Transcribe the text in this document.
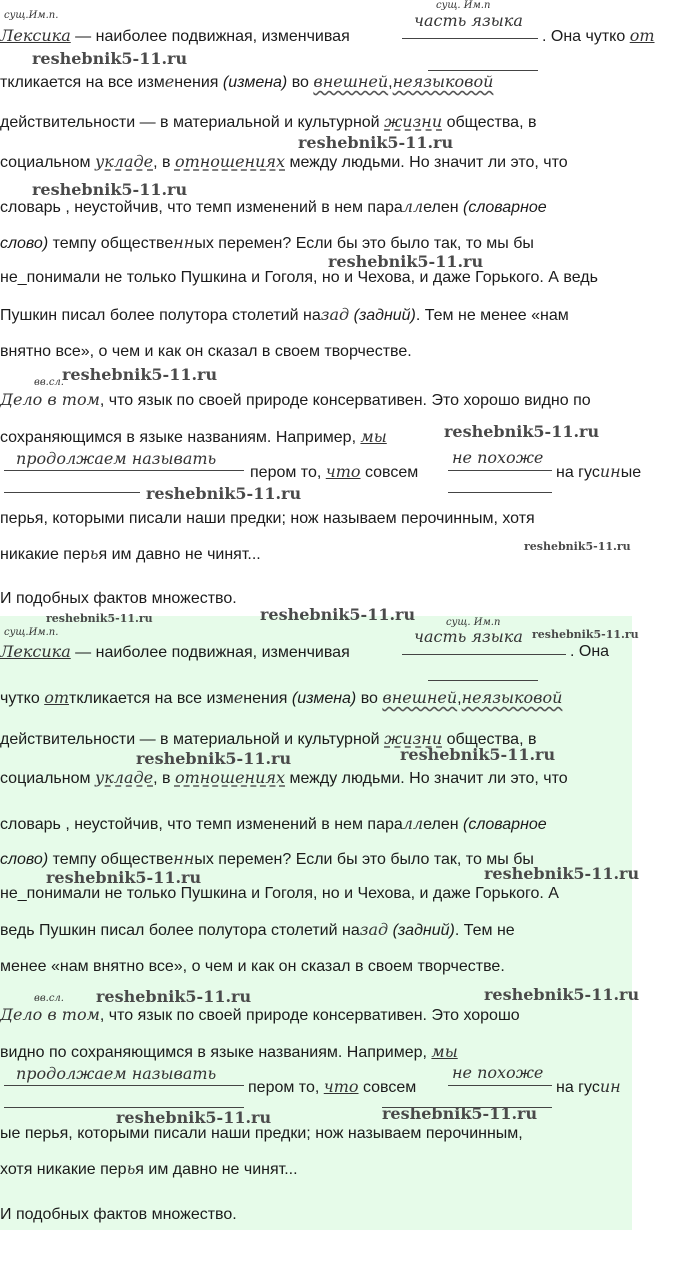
сущ.Им.п.
сущ. Им.п
Лексика — наиболее подвижная, изменчивая
часть языка
. Она чутко от
reshebnik5-11.ru
ткликается на все изменения (измена) во внешней,неязыковой
действительности — в материальной и культурной жизни общества, в
reshebnik5-11.ru
социальном укладе, в отношениях между людьми. Но значит ли это, что
reshebnik5-11.ru
словарь , неустойчив, что темп изменений в нем параллелен (словарное
слово) темпу общественных перемен? Если бы это было так, то мы бы
reshebnik5-11.ru
не_понимали не только Пушкина и Гоголя, но и Чехова, и даже Горького. А ведь
Пушкин писал более полутора столетий назад (задний). Тем не менее «нам
внятно все», о чем и как он сказал в своем творчестве.
вв.сл.
reshebnik5-11.ru
Дело в том, что язык по своей природе консервативен. Это хорошо видно по
сохраняющимся в языке названиям. Например, мы	reshebnik5-11.ru
продолжаем называть
пером то, что совсем
не похоже
на гусиные
reshebnik5-11.ru
перья, которыми писали наши предки; нож называем перочинным, хотя
никакие перья им давно не чинят...	reshebnik5-11.ru
И подобных фактов множество.
reshebnik5-11.ru	reshebnik5-11.ru
сущ.Им.п.
сущ. Им.п
reshebnik5-11.ru
Лексика — наиболее подвижная, изменчивая
часть языка
. Она
чутко отткликается на все изменения (измена) во внешней,неязыковой
действительности — в материальной и культурной жизни общества, в
reshebnik5-11.ru	reshebnik5-11.ru
социальном укладе, в отношениях между людьми. Но значит ли это, что
словарь , неустойчив, что темп изменений в нем параллелен (словарное
слово) темпу общественных перемен? Если бы это было так, то мы бы
reshebnik5-11.ru	reshebnik5-11.ru
не_понимали не только Пушкина и Гоголя, но и Чехова, и даже Горького. А
ведь Пушкин писал более полутора столетий назад (задний). Тем не
менее «нам внятно все», о чем и как он сказал в своем творчестве.
вв.сл. reshebnik5-11.ru	reshebnik5-11.ru
Дело в том, что язык по своей природе консервативен. Это хорошо
видно по сохраняющимся в языке названиям. Например, мы
продолжаем называть
пером то, что совсем
не похоже
на гусин
reshebnik5-11.ru	reshebnik5-11.ru
ые перья, которыми писали наши предки; нож называем перочинным,
хотя никакие перья им давно не чинят...
И подобных фактов множество.
